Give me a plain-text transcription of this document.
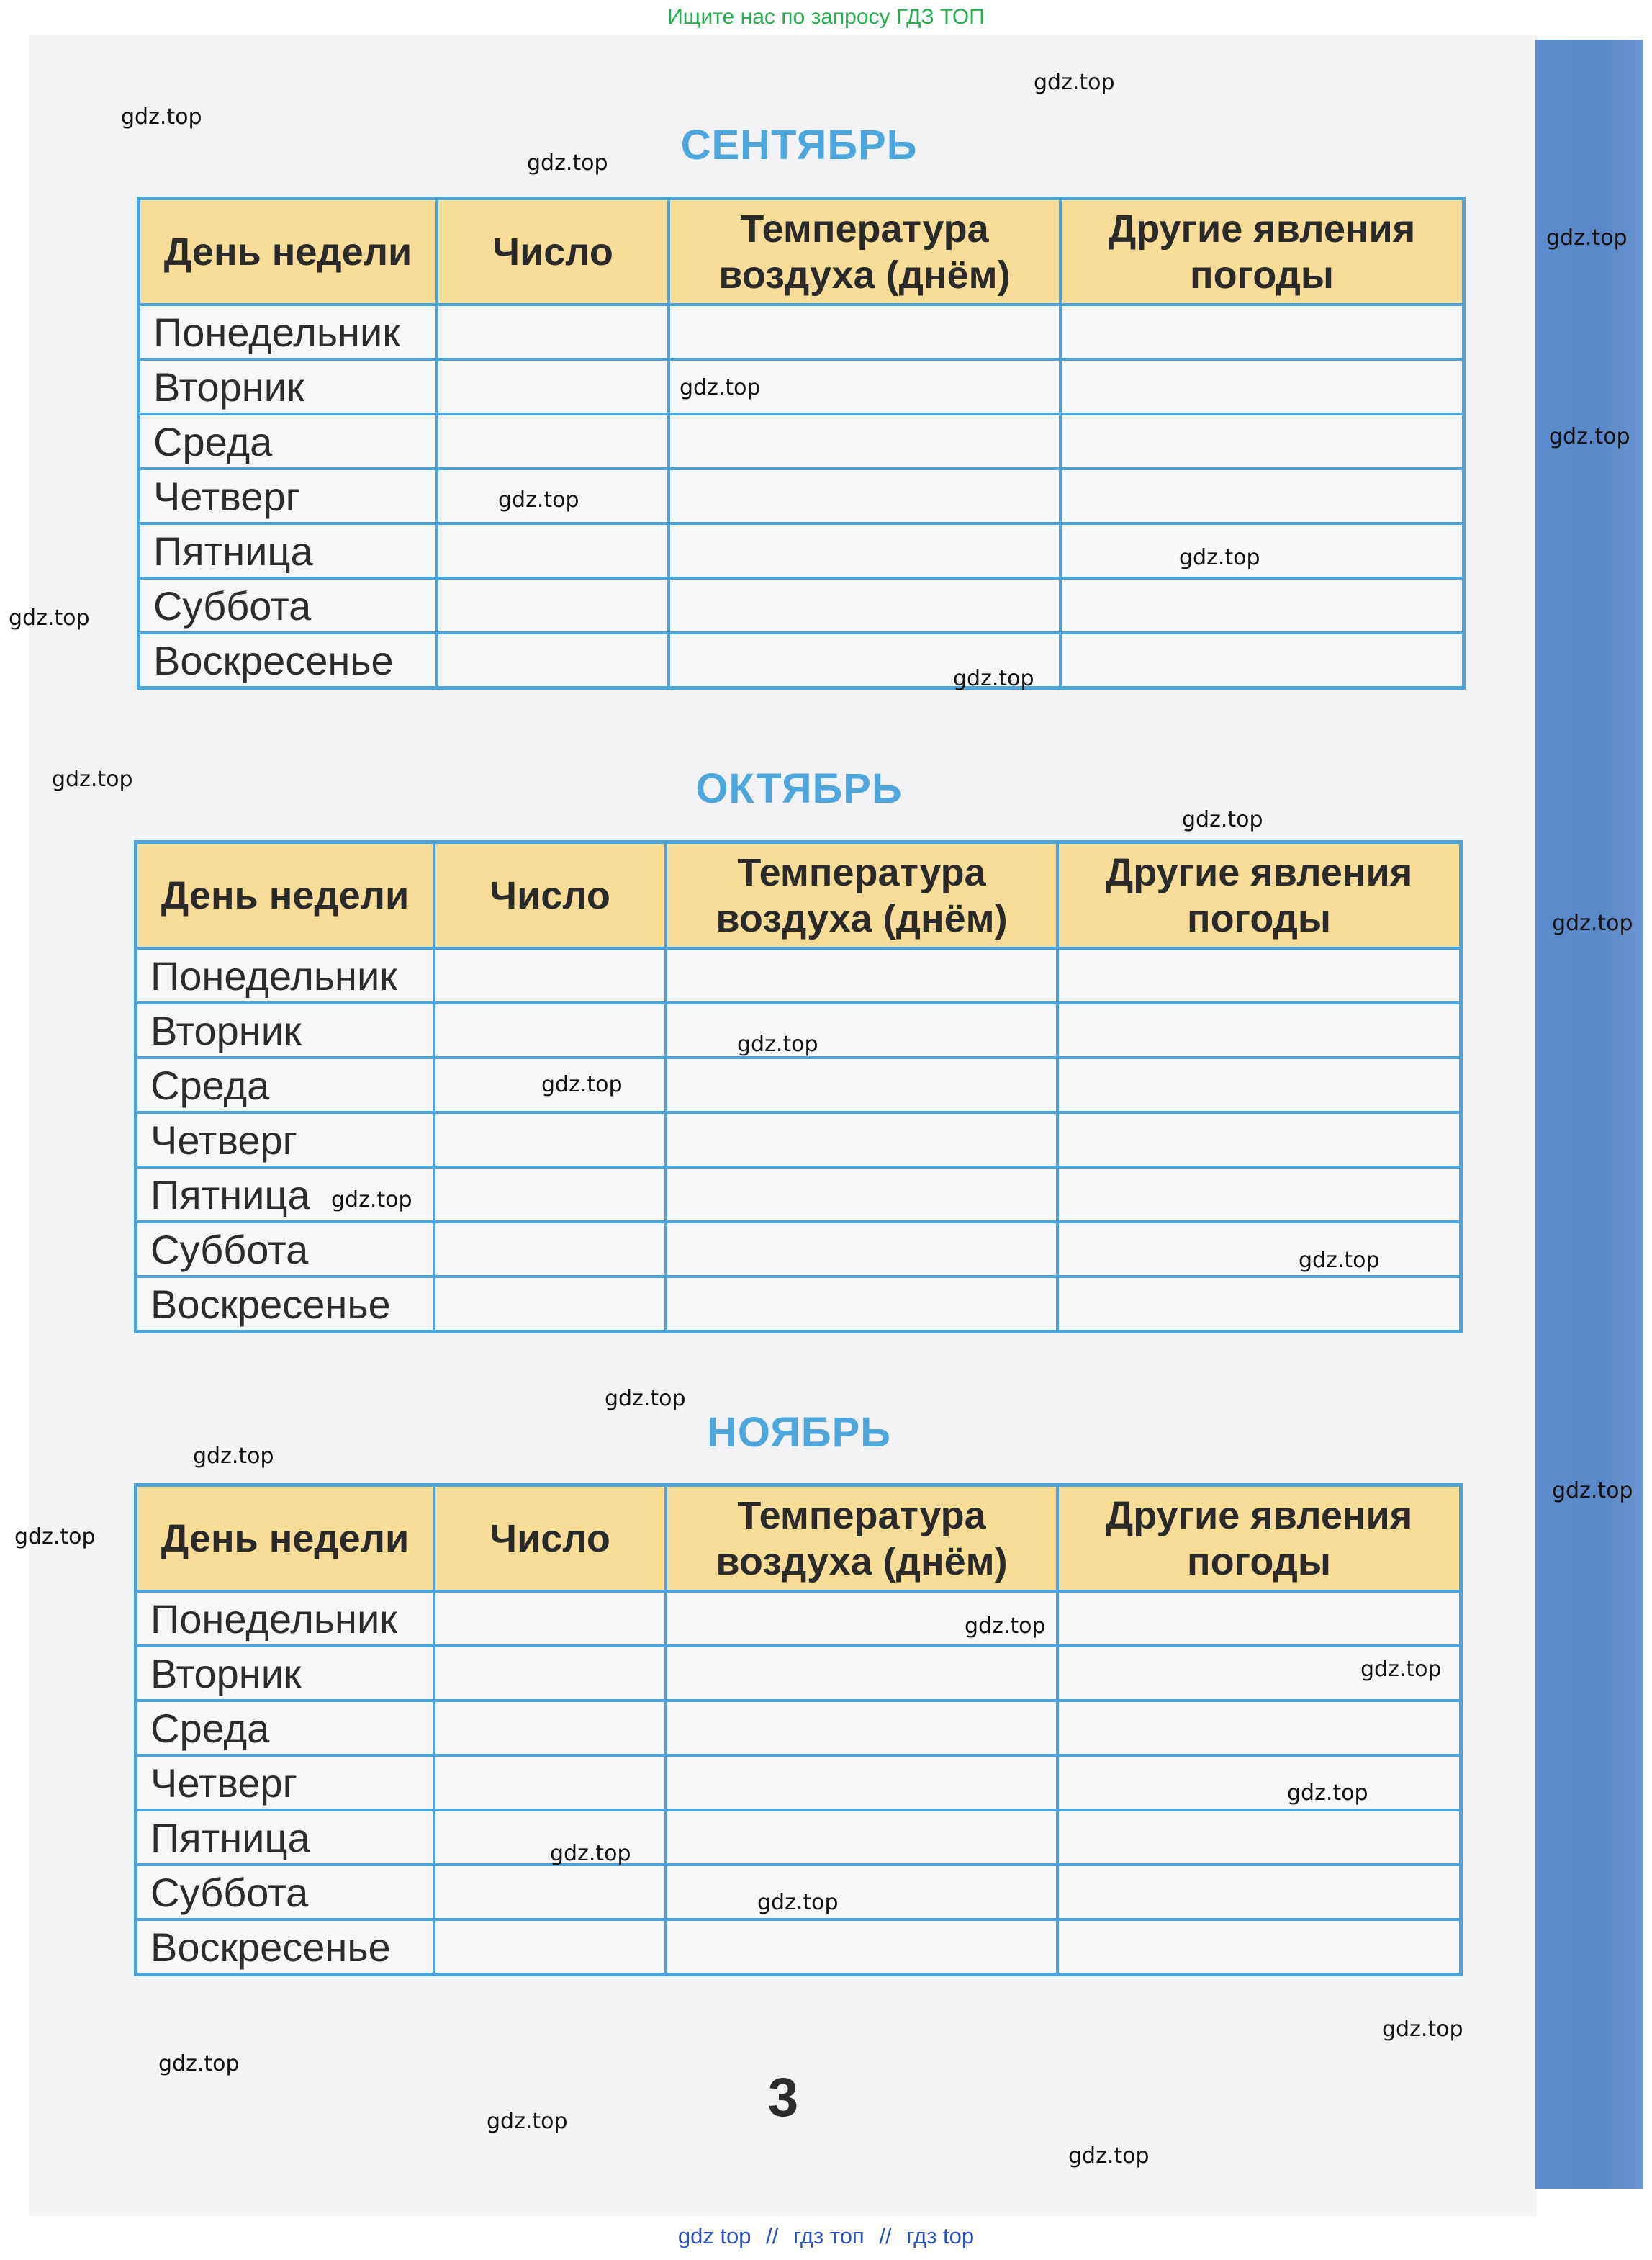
Ищите нас по запросу ГДЗ ТОП
СЕНТЯБРЬ
День недели	Число	Температура воздуха (днём)	Другие явления погоды
Понедельник			
Вторник			
Среда			
Четверг			
Пятница			
Суббота			
Воскресенье			
ОКТЯБРЬ
День недели	Число	Температура воздуха (днём)	Другие явления погоды
Понедельник			
Вторник			
Среда			
Четверг			
Пятница			
Суббота			
Воскресенье			
НОЯБРЬ
День недели	Число	Температура воздуха (днём)	Другие явления погоды
Понедельник			
Вторник			
Среда			
Четверг			
Пятница			
Суббота			
Воскресенье			
3
gdz.top
gdz.top
gdz.top
gdz.top
gdz.top
gdz.top
gdz.top
gdz.top
gdz.top
gdz.top
gdz.top
gdz.top
gdz.top
gdz.top
gdz.top
gdz.top
gdz.top
gdz.top
gdz.top
gdz.top
gdz.top
gdz.top
gdz.top
gdz.top
gdz.top
gdz.top
gdz.top
gdz.top
gdz.top
gdz.top
gdz top // гдз топ // гдз top
